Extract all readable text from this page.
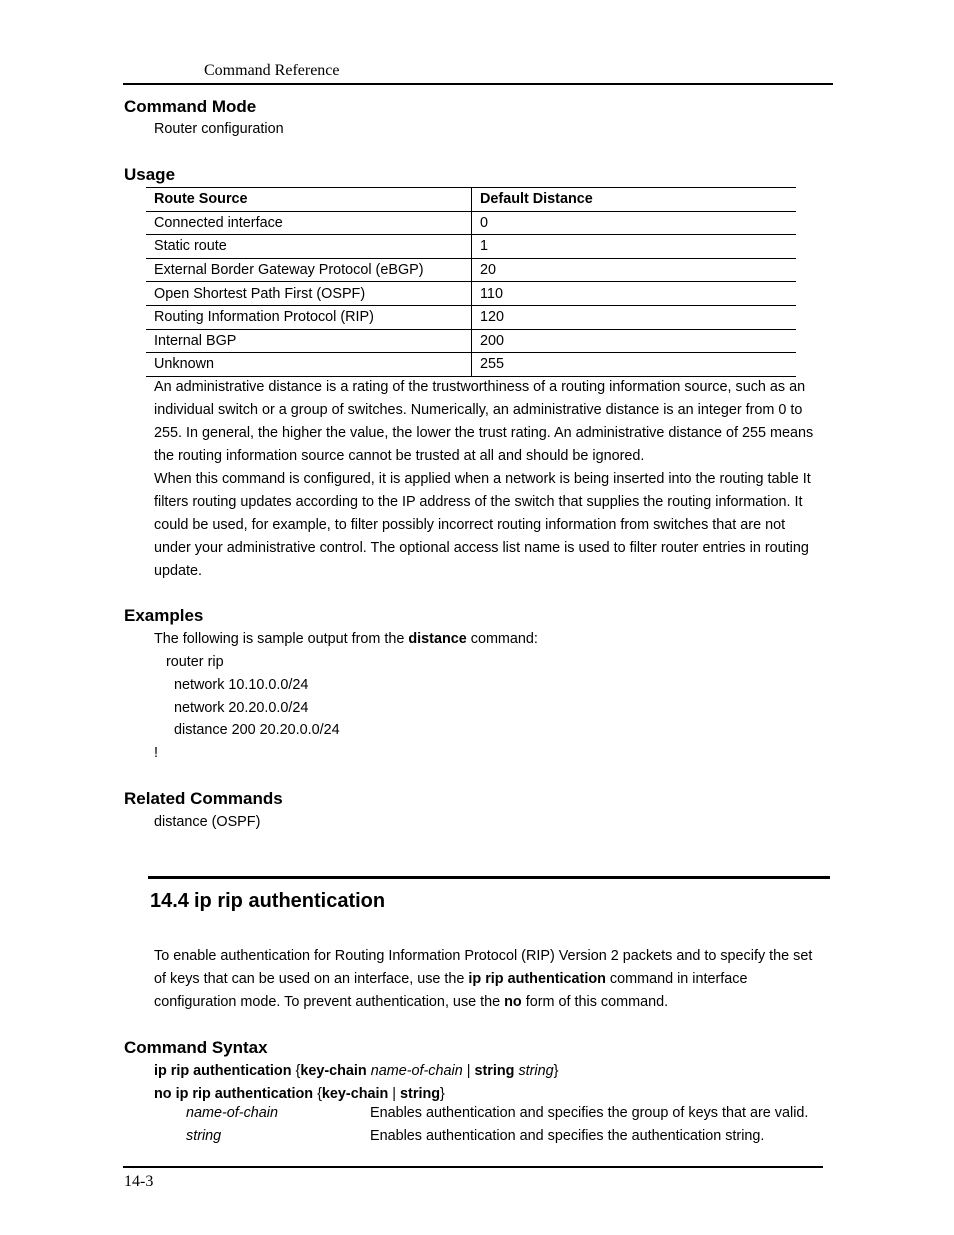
Command Reference
Command Mode
Router configuration
Usage
Route Source	Default Distance
Connected interface	0
Static route	1
External Border Gateway Protocol (eBGP)	20
Open Shortest Path First (OSPF)	110
Routing Information Protocol (RIP)	120
Internal BGP	200
Unknown	255
An administrative distance is a rating of the trustworthiness of a routing information source, such as an
individual switch or a group of switches. Numerically, an administrative distance is an integer from 0 to
255. In general, the higher the value, the lower the trust rating. An administrative distance of 255 means
the routing information source cannot be trusted at all and should be ignored.
When this command is configured, it is applied when a network is being inserted into the routing table It
filters routing updates according to the IP address of the switch that supplies the routing information. It
could be used, for example, to filter possibly incorrect routing information from switches that are not
under your administrative control. The optional access list name is used to filter router entries in routing
update.
Examples
The following is sample output from the distance command:
router rip
network 10.10.0.0/24
network 20.20.0.0/24
distance 200 20.20.0.0/24
!
Related Commands
distance (OSPF)
14.4 ip rip authentication
To enable authentication for Routing Information Protocol (RIP) Version 2 packets and to specify the set
of keys that can be used on an interface, use the ip rip authentication command in interface
configuration mode. To prevent authentication, use the no form of this command.
Command Syntax
ip rip authentication {key-chain name-of-chain | string string}
no ip rip authentication {key-chain | string}
name-of-chain	Enables authentication and specifies the group of keys that are valid.
string	Enables authentication and specifies the authentication string.
14-3
